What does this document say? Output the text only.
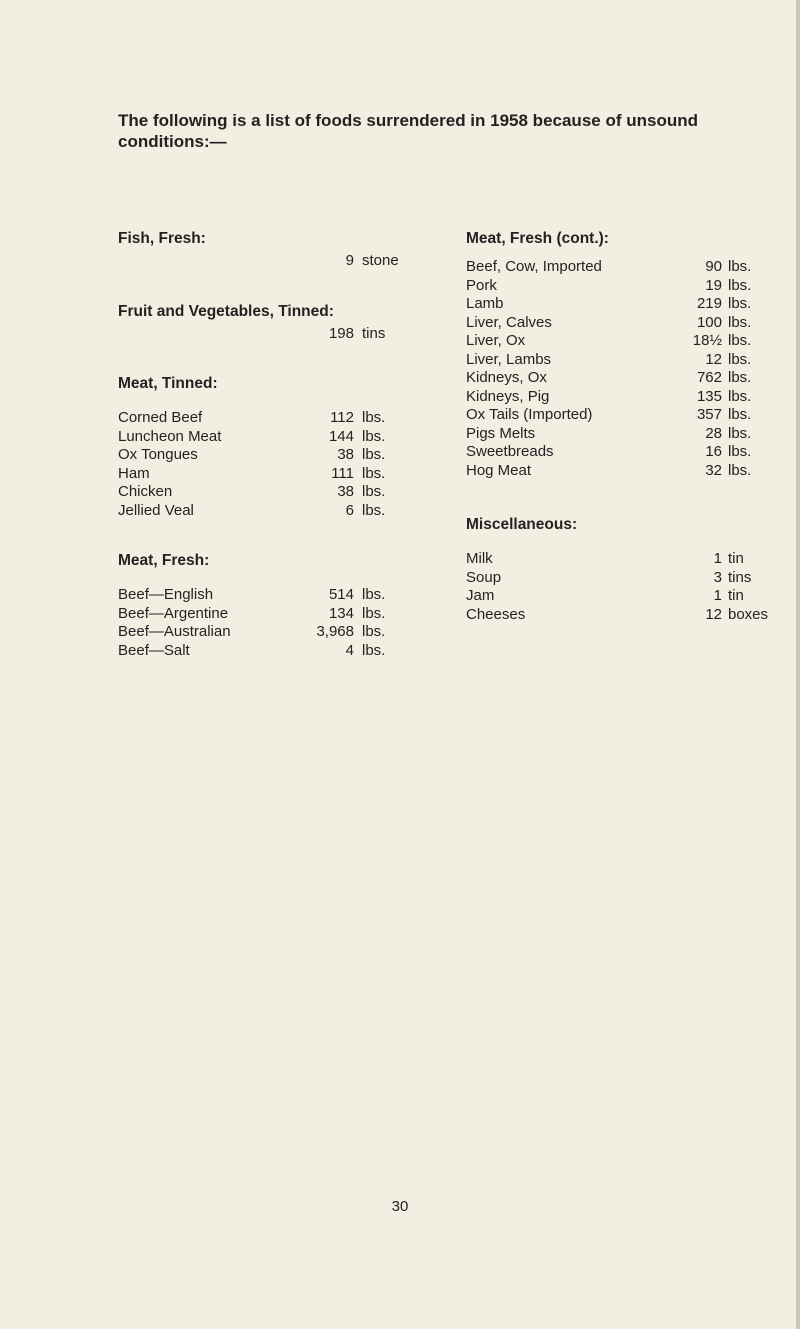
The following is a list of foods surrendered in 1958 because of unsound conditions:—
Fish, Fresh:
9 stone
Fruit and Vegetables, Tinned:
198 tins
Meat, Tinned:
Corned Beef	112 lbs.
Luncheon Meat	144 lbs.
Ox Tongues	38 lbs.
Ham	111 lbs.
Chicken	38 lbs.
Jellied Veal	6 lbs.
Meat, Fresh:
Beef—English	514 lbs.
Beef—Argentine	134 lbs.
Beef—Australian	3,968 lbs.
Beef—Salt	4 lbs.
Meat, Fresh (cont.):
Beef, Cow, Imported	90 lbs.
Pork	19 lbs.
Lamb	219 lbs.
Liver, Calves	100 lbs.
Liver, Ox	18½ lbs.
Liver, Lambs	12 lbs.
Kidneys, Ox	762 lbs.
Kidneys, Pig	135 lbs.
Ox Tails (Imported)	357 lbs.
Pigs Melts	28 lbs.
Sweetbreads	16 lbs.
Hog Meat	32 lbs.
Miscellaneous:
Milk	1 tin
Soup	3 tins
Jam	1 tin
Cheeses	12 boxes
30
